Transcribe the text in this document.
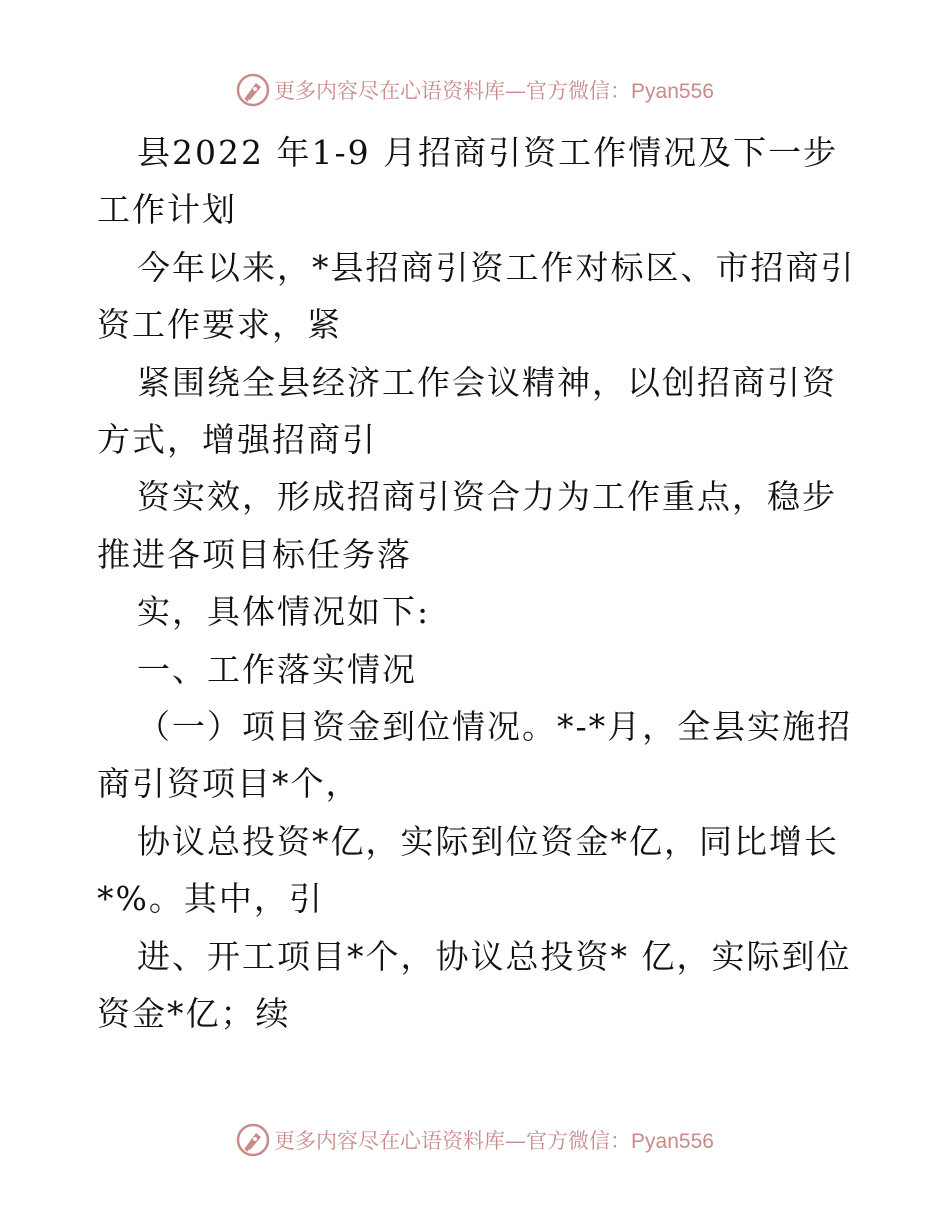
更多内容尽在心语资料库—官方微信：Pyan556

县2022 年1-9 月招商引资工作情况及下一步工作计划

今年以来，*县招商引资工作对标区、市招商引资工作要求，紧

紧围绕全县经济工作会议精神，以创招商引资方式，增强招商引

资实效，形成招商引资合力为工作重点，稳步推进各项目标任务落

实，具体情况如下:

一、工作落实情况

（一）项目资金到位情况。*-*月，全县实施招商引资项目*个，

协议总投资*亿，实际到位资金*亿，同比增长*%。其中，引

进、开工项目*个，协议总投资* 亿，实际到位资金*亿；续

更多内容尽在心语资料库—官方微信：Pyan556
